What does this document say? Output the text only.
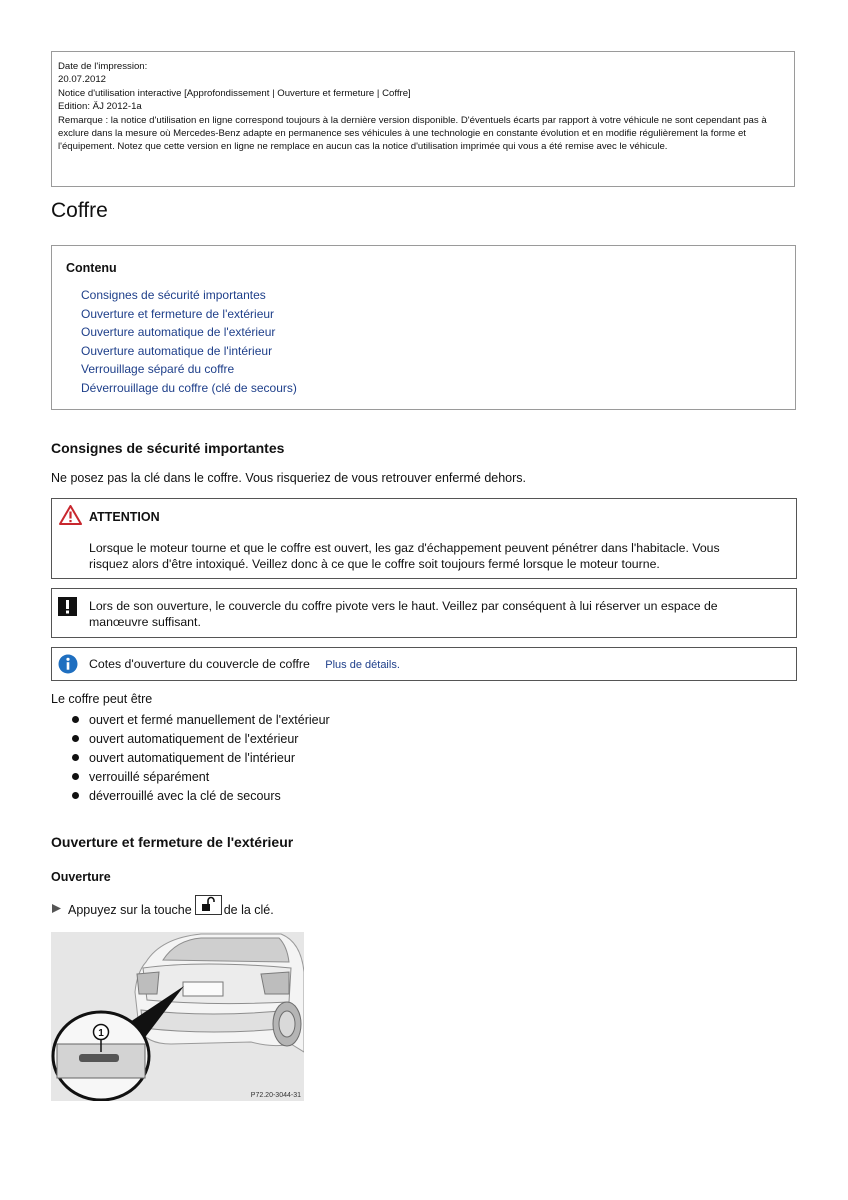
Date de l'impression:
20.07.2012
Notice d'utilisation interactive [Approfondissement | Ouverture et fermeture | Coffre]
Edition: ÄJ 2012-1a
Remarque : la notice d'utilisation en ligne correspond toujours à la dernière version disponible. D'éventuels écarts par rapport à votre véhicule ne sont cependant pas à exclure dans la mesure où Mercedes-Benz adapte en permanence ses véhicules à une technologie en constante évolution et en modifie régulièrement la forme et l'équipement. Notez que cette version en ligne ne remplace en aucun cas la notice d'utilisation imprimée qui vous a été remise avec le véhicule.
Coffre
Contenu
Consignes de sécurité importantes
Ouverture et fermeture de l'extérieur
Ouverture automatique de l'extérieur
Ouverture automatique de l'intérieur
Verrouillage séparé du coffre
Déverrouillage du coffre (clé de secours)
Consignes de sécurité importantes

Ne posez pas la clé dans le coffre. Vous risqueriez de vous retrouver enfermé dehors.

ATTENTION
Lorsque le moteur tourne et que le coffre est ouvert, les gaz d'échappement peuvent pénétrer dans l'habitacle. Vous
risquez alors d'être intoxiqué. Veillez donc à ce que le coffre soit toujours fermé lorsque le moteur tourne.
Lors de son ouverture, le couvercle du coffre pivote vers le haut. Veillez par conséquent à lui réserver un espace de
manœuvre suffisant.
Cotes d'ouverture du couvercle de coffre Plus de détails.

Le coffre peut être

ouvert et fermé manuellement de l'extérieur
ouvert automatiquement de l'extérieur
ouvert automatiquement de l'intérieur
verrouillé séparément
déverrouillé avec la clé de secours
Ouverture et fermeture de l'extérieur
Ouverture
Appuyez sur la touche	de la clé.
1
P72.20-3044-31
